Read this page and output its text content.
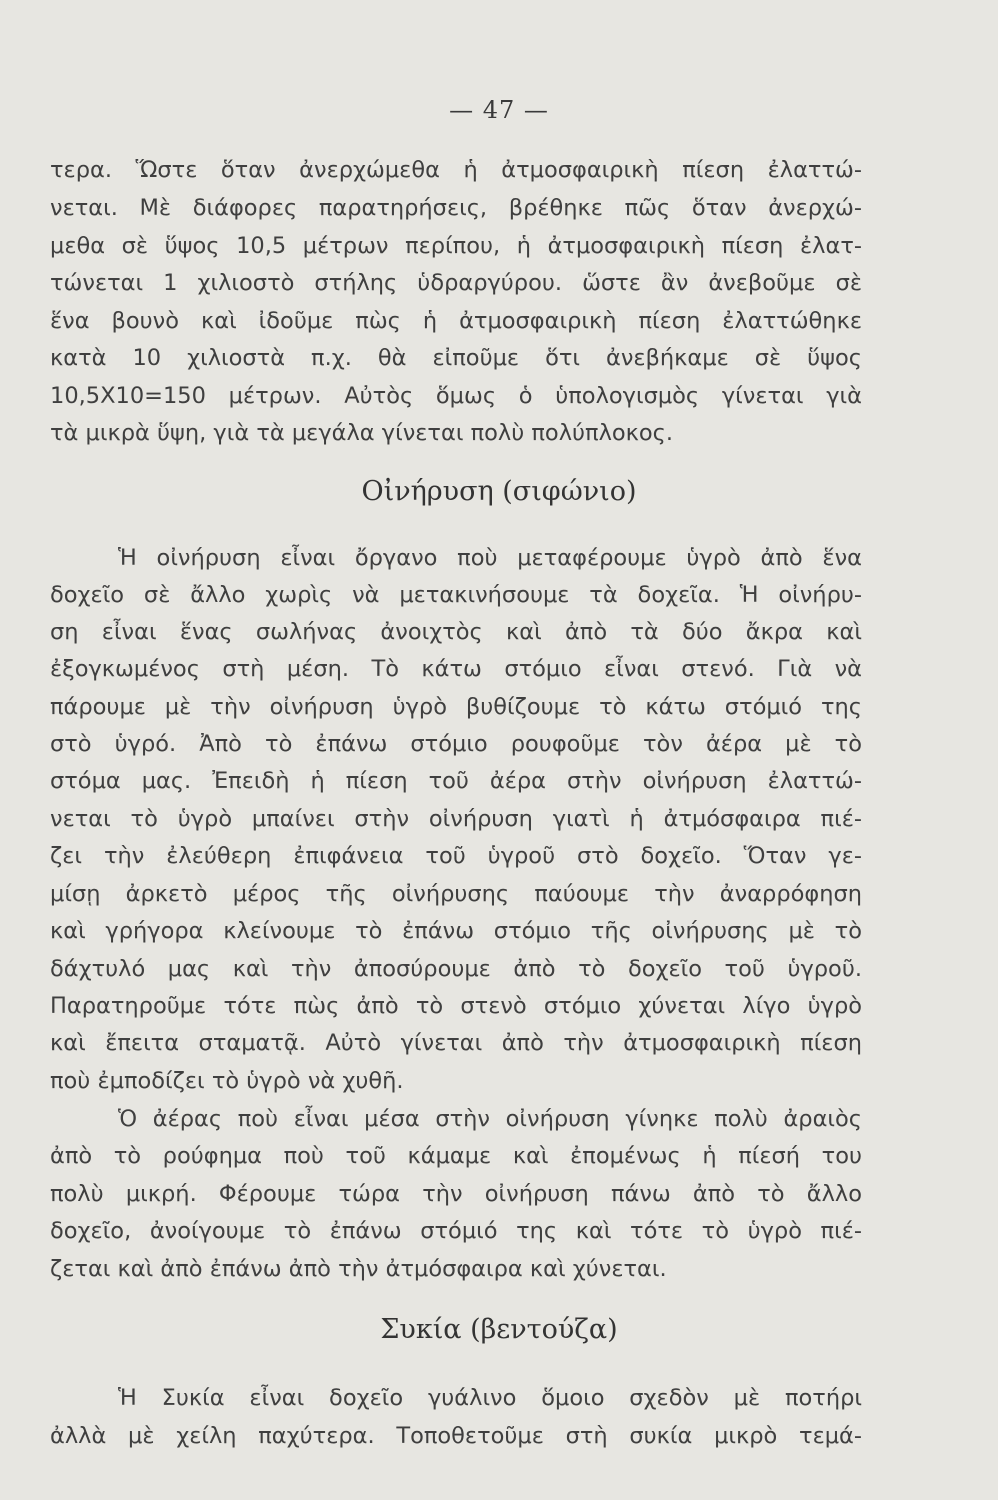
— 47 —
τερα. Ὥστε ὅταν ἀνερχώμεθα ἡ ἀτμοσφαιρικὴ πίεση ἐλαττώ-
νεται. Μὲ διάφορες παρατηρήσεις, βρέθηκε πῶς ὅταν ἀνερχώ-
μεθα σὲ ὕψος 10,5 μέτρων περίπου, ἡ ἀτμοσφαιρικὴ πίεση ἐλατ-
τώνεται 1 χιλιοστὸ στήλης ὑδραργύρου. ὥστε ἂν ἀνεβοῦμε σὲ
ἕνα βουνὸ καὶ ἰδοῦμε πὼς ἡ ἀτμοσφαιρικὴ πίεση ἐλαττώθηκε
κατὰ 10 χιλιοστὰ π.χ. θὰ εἰποῦμε ὅτι ἀνεβήκαμε σὲ ὕψος
10,5Χ10=150 μέτρων. Αὐτὸς ὅμως ὁ ὑπολογισμὸς γίνεται γιὰ
τὰ μικρὰ ὕψη, γιὰ τὰ μεγάλα γίνεται πολὺ πολύπλοκος.
Οἰνήρυση (σιφώνιο)
Ἡ οἰνήρυση εἶναι ὄργανο ποὺ μεταφέρουμε ὑγρὸ ἀπὸ ἕνα
δοχεῖο σὲ ἄλλο χωρὶς νὰ μετακινήσουμε τὰ δοχεῖα. Ἡ οἰνήρυ-
ση εἶναι ἕνας σωλήνας ἀνοιχτὸς καὶ ἀπὸ τὰ δύο ἄκρα καὶ
ἐξογκωμένος στὴ μέση. Τὸ κάτω στόμιο εἶναι στενό. Γιὰ νὰ
πάρουμε μὲ τὴν οἰνήρυση ὑγρὸ βυθίζουμε τὸ κάτω στόμιό της
στὸ ὑγρό. Ἀπὸ τὸ ἐπάνω στόμιο ρουφοῦμε τὸν ἀέρα μὲ τὸ
στόμα μας. Ἐπειδὴ ἡ πίεση τοῦ ἀέρα στὴν οἰνήρυση ἐλαττώ-
νεται τὸ ὑγρὸ μπαίνει στὴν οἰνήρυση γιατὶ ἡ ἀτμόσφαιρα πιέ-
ζει τὴν ἐλεύθερη ἐπιφάνεια τοῦ ὑγροῦ στὸ δοχεῖο. Ὅταν γε-
μίσῃ ἀρκετὸ μέρος τῆς οἰνήρυσης παύουμε τὴν ἀναρρόφηση
καὶ γρήγορα κλείνουμε τὸ ἐπάνω στόμιο τῆς οἰνήρυσης μὲ τὸ
δάχτυλό μας καὶ τὴν ἀποσύρουμε ἀπὸ τὸ δοχεῖο τοῦ ὑγροῦ.
Παρατηροῦμε τότε πὼς ἀπὸ τὸ στενὸ στόμιο χύνεται λίγο ὑγρὸ
καὶ ἔπειτα σταματᾷ. Αὐτὸ γίνεται ἀπὸ τὴν ἀτμοσφαιρικὴ πίεση
ποὺ ἐμποδίζει τὸ ὑγρὸ νὰ χυθῆ.
Ὁ ἀέρας ποὺ εἶναι μέσα στὴν οἰνήρυση γίνηκε πολὺ ἀραιὸς
ἀπὸ τὸ ρούφημα ποὺ τοῦ κάμαμε καὶ ἐπομένως ἡ πίεσή του
πολὺ μικρή. Φέρουμε τώρα τὴν οἰνήρυση πάνω ἀπὸ τὸ ἄλλο
δοχεῖο, ἀνοίγουμε τὸ ἐπάνω στόμιό της καὶ τότε τὸ ὑγρὸ πιέ-
ζεται καὶ ἀπὸ ἐπάνω ἀπὸ τὴν ἀτμόσφαιρα καὶ χύνεται.
Συκία (βεντούζα)
Ἡ Συκία εἶναι δοχεῖο γυάλινο ὅμοιο σχεδὸν μὲ ποτήρι
ἀλλὰ μὲ χείλη παχύτερα. Τοποθετοῦμε στὴ συκία μικρὸ τεμά-
